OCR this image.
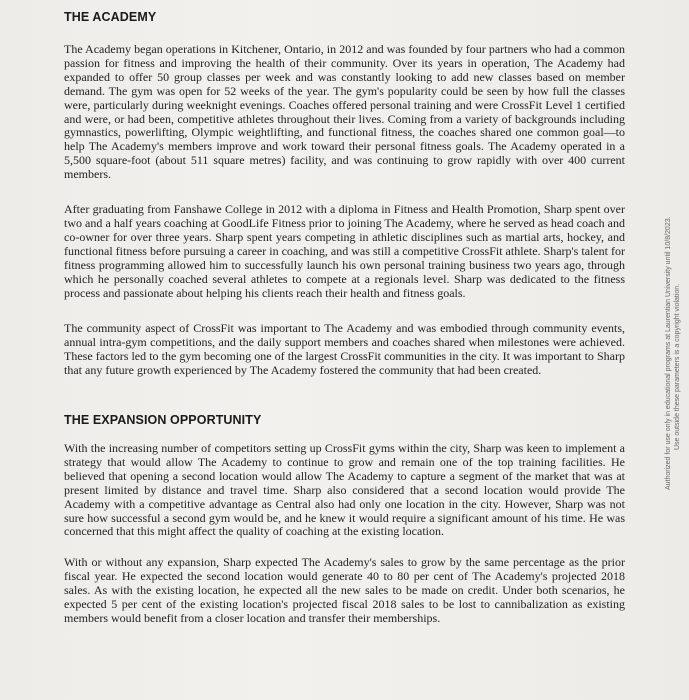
THE ACADEMY

The Academy began operations in Kitchener, Ontario, in 2012 and was founded by four partners who had a common passion for fitness and improving the health of their community. Over its years in operation, The Academy had expanded to offer 50 group classes per week and was constantly looking to add new classes based on member demand. The gym was open for 52 weeks of the year. The gym's popularity could be seen by how full the classes were, particularly during weeknight evenings. Coaches offered personal training and were CrossFit Level 1 certified and were, or had been, competitive athletes throughout their lives. Coming from a variety of backgrounds including gymnastics, powerlifting, Olympic weightlifting, and functional fitness, the coaches shared one common goal—to help The Academy's members improve and work toward their personal fitness goals. The Academy operated in a 5,500 square-foot (about 511 square metres) facility, and was continuing to grow rapidly with over 400 current members.

After graduating from Fanshawe College in 2012 with a diploma in Fitness and Health Promotion, Sharp spent over two and a half years coaching at GoodLife Fitness prior to joining The Academy, where he served as head coach and co-owner for over three years. Sharp spent years competing in athletic disciplines such as martial arts, hockey, and functional fitness before pursuing a career in coaching, and was still a competitive CrossFit athlete. Sharp's talent for fitness programming allowed him to successfully launch his own personal training business two years ago, through which he personally coached several athletes to compete at a regionals level. Sharp was dedicated to the fitness process and passionate about helping his clients reach their health and fitness goals.

The community aspect of CrossFit was important to The Academy and was embodied through community events, annual intra-gym competitions, and the daily support members and coaches shared when milestones were achieved. These factors led to the gym becoming one of the largest CrossFit communities in the city. It was important to Sharp that any future growth experienced by The Academy fostered the community that had been created.

THE EXPANSION OPPORTUNITY

With the increasing number of competitors setting up CrossFit gyms within the city, Sharp was keen to implement a strategy that would allow The Academy to continue to grow and remain one of the top training facilities. He believed that opening a second location would allow The Academy to capture a segment of the market that was at present limited by distance and travel time. Sharp also considered that a second location would provide The Academy with a competitive advantage as Central also had only one location in the city. However, Sharp was not sure how successful a second gym would be, and he knew it would require a significant amount of his time. He was concerned that this might affect the quality of coaching at the existing location.

With or without any expansion, Sharp expected The Academy's sales to grow by the same percentage as the prior fiscal year. He expected the second location would generate 40 to 80 per cent of The Academy's projected 2018 sales. As with the existing location, he expected all the new sales to be made on credit. Under both scenarios, he expected 5 per cent of the existing location's projected fiscal 2018 sales to be lost to cannibalization as existing members would benefit from a closer location and transfer their memberships.

Authorized for use only in educational programs at Laurentian University until 10/8/2023. Use outside these parameters is a copyright violation.
